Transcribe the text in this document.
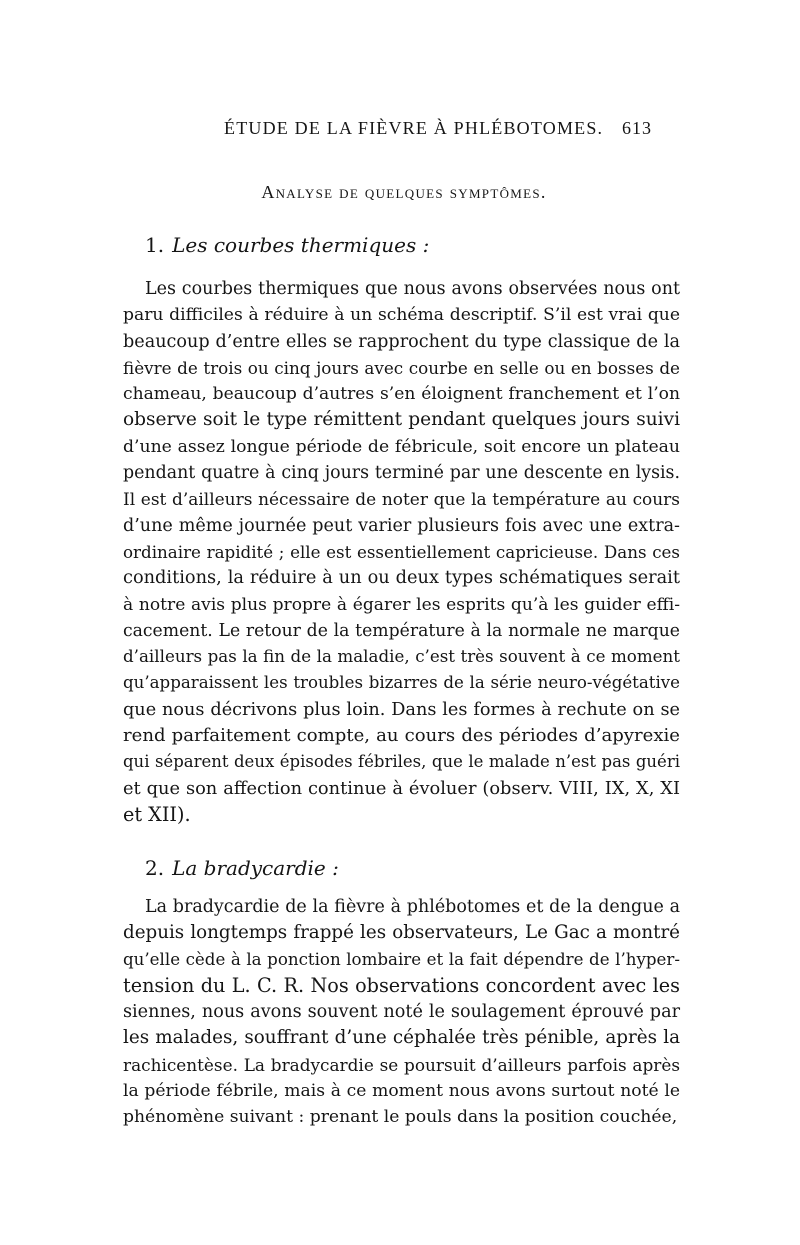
ÉTUDE DE LA FIÈVRE À PHLÉBOTOMES. 613
Analyse de quelques symptômes.
1. Les courbes thermiques :
Les courbes thermiques que nous avons observées nous ont
paru difficiles à réduire à un schéma descriptif. S’il est vrai que
beaucoup d’entre elles se rapprochent du type classique de la
fièvre de trois ou cinq jours avec courbe en selle ou en bosses de
chameau, beaucoup d’autres s’en éloignent franchement et l’on
observe soit le type rémittent pendant quelques jours suivi
d’une assez longue période de fébricule, soit encore un plateau
pendant quatre à cinq jours terminé par une descente en lysis.
Il est d’ailleurs nécessaire de noter que la température au cours
d’une même journée peut varier plusieurs fois avec une extra-
ordinaire rapidité ; elle est essentiellement capricieuse. Dans ces
conditions, la réduire à un ou deux types schématiques serait
à notre avis plus propre à égarer les esprits qu’à les guider effi-
cacement. Le retour de la température à la normale ne marque
d’ailleurs pas la fin de la maladie, c’est très souvent à ce moment
qu’apparaissent les troubles bizarres de la série neuro-végétative
que nous décrivons plus loin. Dans les formes à rechute on se
rend parfaitement compte, au cours des périodes d’apyrexie
qui séparent deux épisodes fébriles, que le malade n’est pas guéri
et que son affection continue à évoluer (observ. VIII, IX, X, XI
et XII).
2. La bradycardie :
La bradycardie de la fièvre à phlébotomes et de la dengue a
depuis longtemps frappé les observateurs, Le Gac a montré
qu’elle cède à la ponction lombaire et la fait dépendre de l’hyper-
tension du L. C. R. Nos observations concordent avec les
siennes, nous avons souvent noté le soulagement éprouvé par
les malades, souffrant d’une céphalée très pénible, après la
rachicentèse. La bradycardie se poursuit d’ailleurs parfois après
la période fébrile, mais à ce moment nous avons surtout noté le
phénomène suivant : prenant le pouls dans la position couchée,
